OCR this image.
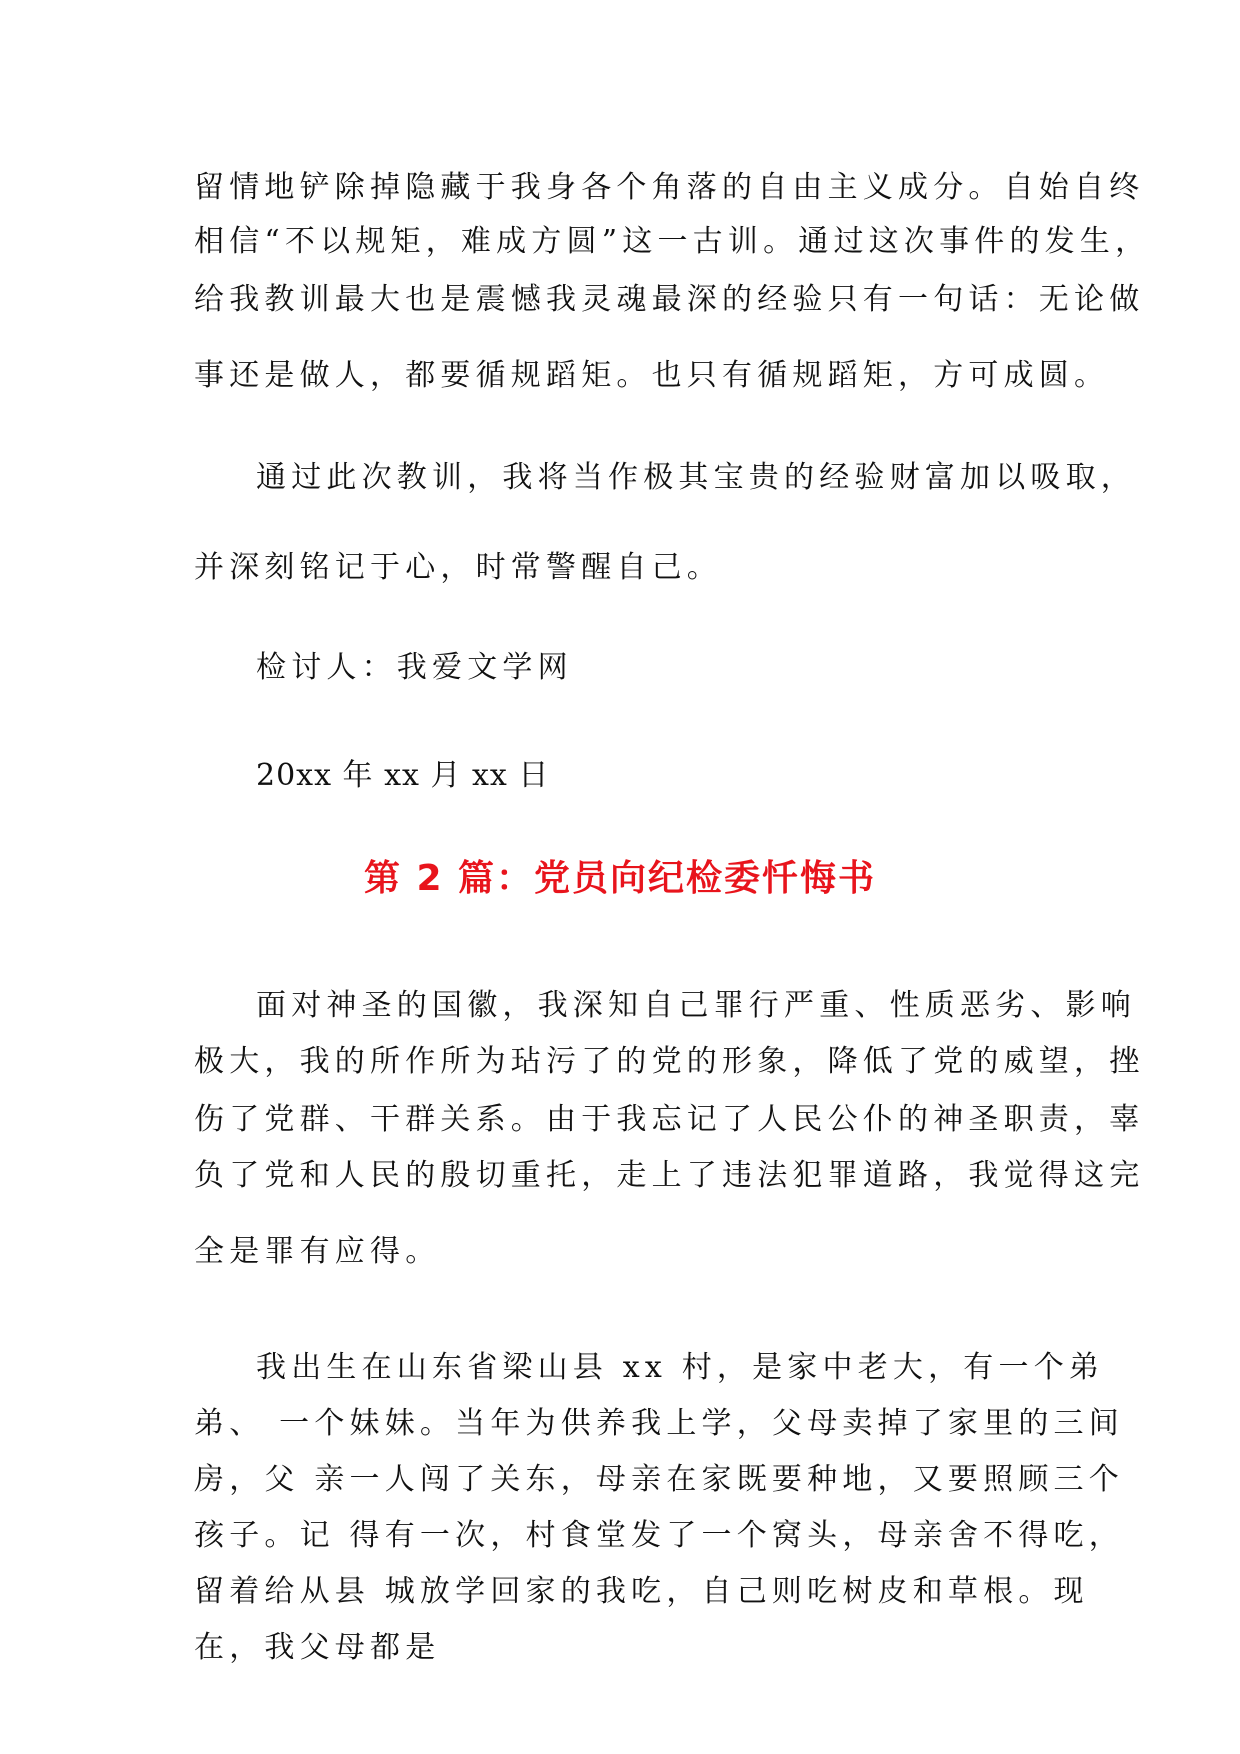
留情地铲除掉隐藏于我身各个角落的自由主义成分。自始自终
相信“不以规矩，难成方圆”这一古训。通过这次事件的发生，
给我教训最大也是震憾我灵魂最深的经验只有一句话：无论做
事还是做人，都要循规蹈矩。也只有循规蹈矩，方可成圆。
通过此次教训，我将当作极其宝贵的经验财富加以吸取，
并深刻铭记于心，时常警醒自己。
检讨人：我爱文学网
20xx 年 xx 月 xx 日
第 2 篇：党员向纪检委忏悔书
面对神圣的国徽，我深知自己罪行严重、性质恶劣、影响
极大，我的所作所为玷污了的党的形象，降低了党的威望，挫
伤了党群、干群关系。由于我忘记了人民公仆的神圣职责，辜
负了党和人民的殷切重托，走上了违法犯罪道路，我觉得这完
全是罪有应得。
我出生在山东省梁山县 xx 村，是家中老大，有一个弟
弟、 一个妹妹。当年为供养我上学，父母卖掉了家里的三间
房，父 亲一人闯了关东，母亲在家既要种地，又要照顾三个
孩子。记 得有一次，村食堂发了一个窝头，母亲舍不得吃，
留着给从县 城放学回家的我吃，自己则吃树皮和草根。现
在，我父母都是
